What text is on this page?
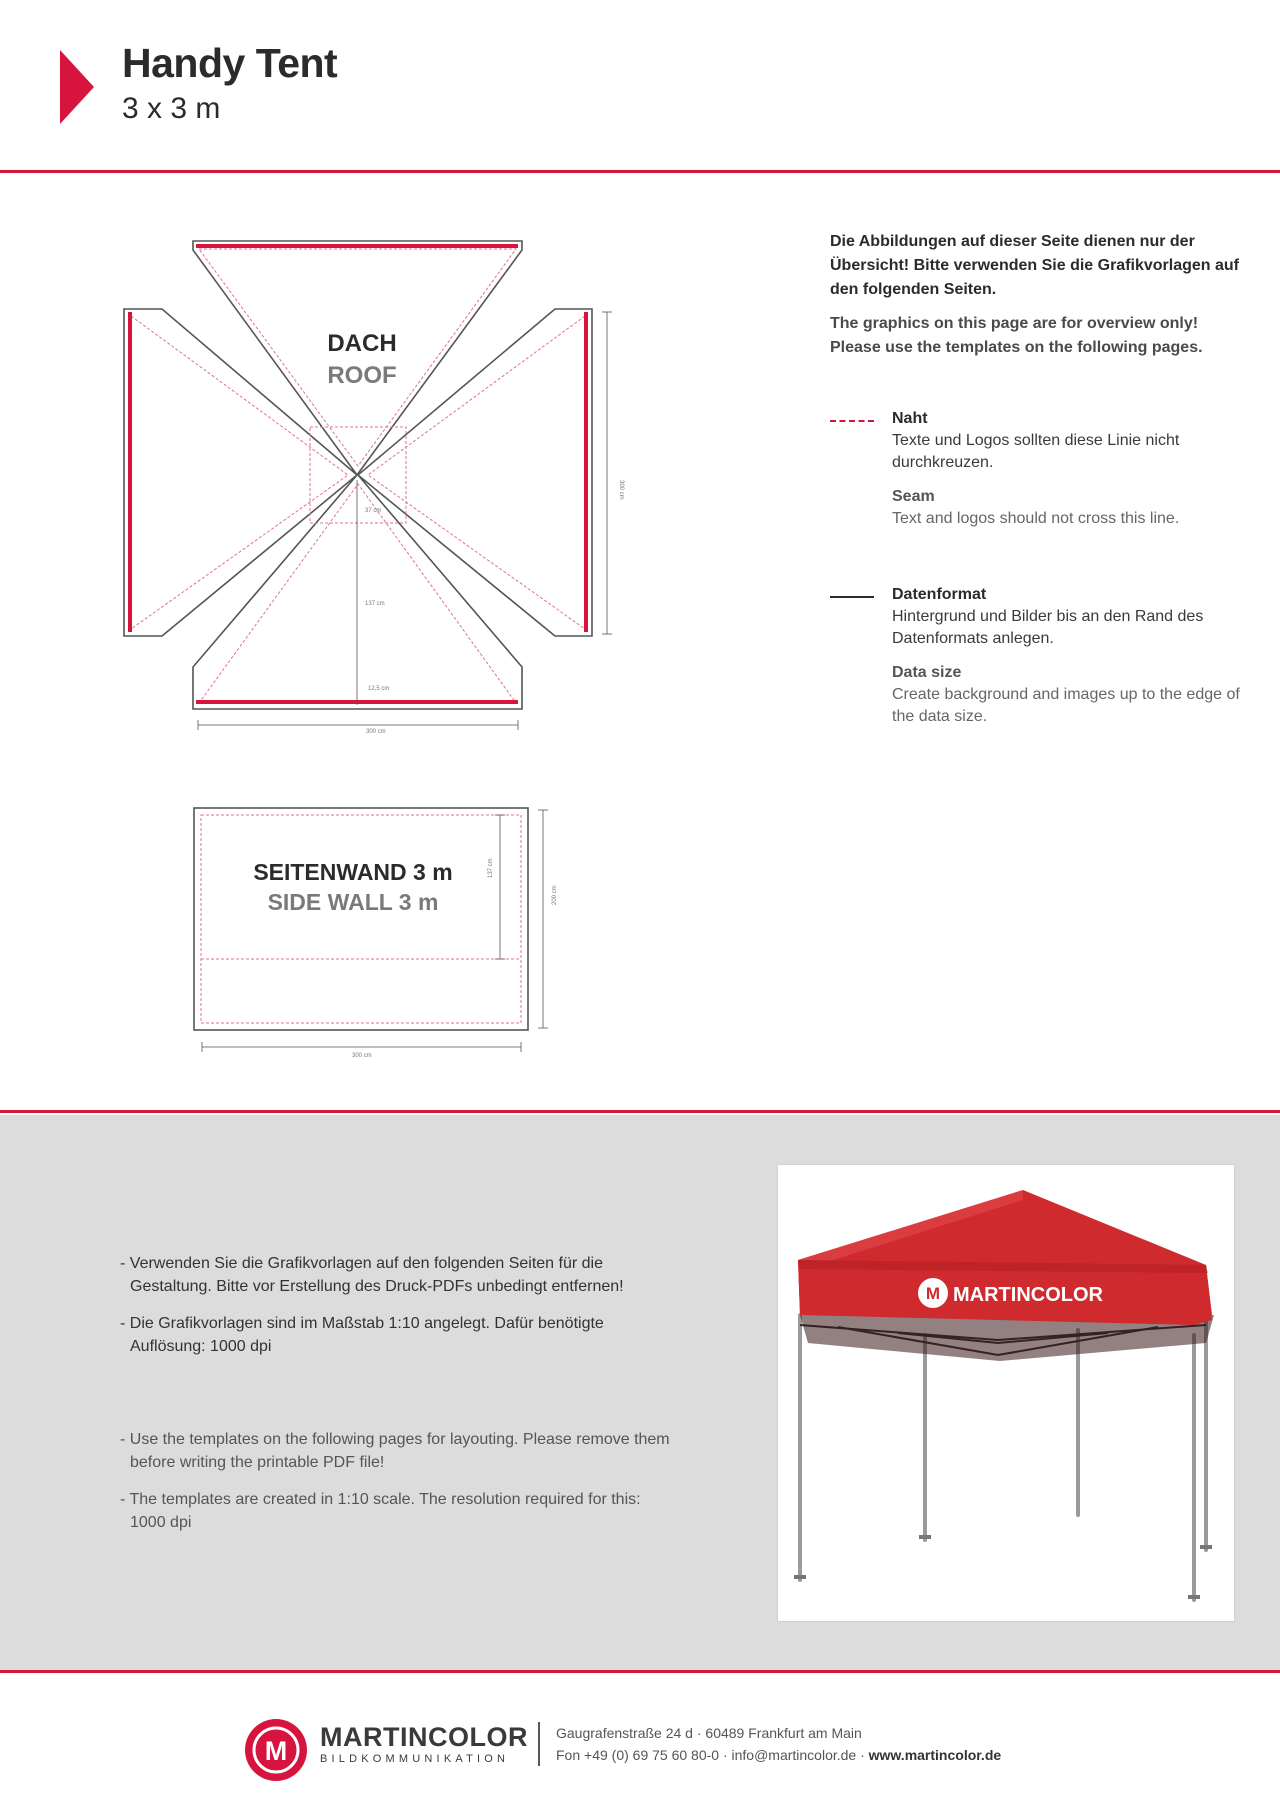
Handy Tent
3 x 3 m
DACH
ROOF
37 cm
137 cm
12,5 cm
300 cm
300 cm
SEITENWAND 3 m
SIDE WALL 3 m
137 cm
200 cm
300 cm

Die Abbildungen auf dieser Seite dienen nur der Übersicht! Bitte verwenden Sie die Grafikvorlagen auf den folgenden Seiten.

The graphics on this page are for overview only! Please use the templates on the following pages.

Naht
Texte und Logos sollten diese Linie nicht durchkreuzen.
Seam
Text and logos should not cross this line.
Datenformat
Hintergrund und Bilder bis an den Rand des Datenformats anlegen.
Data size
Create background and images up to the edge of the data size.
- Verwenden Sie die Grafikvorlagen auf den folgenden Seiten für die Gestaltung. Bitte vor Erstellung des Druck-PDFs unbedingt entfernen!
- Die Grafikvorlagen sind im Maßstab 1:10 angelegt. Dafür benötigte Auflösung: 1000 dpi
- Use the templates on the following pages for layouting. Please remove them before writing the printable PDF file!
- The templates are created in 1:10 scale. The resolution required for this: 1000 dpi
M MARTINCOLOR
M MARTINCOLOR
BILDKOMMUNIKATION
Gaugrafenstraße 24 d · 60489 Frankfurt am Main
Fon +49 (0) 69 75 60 80-0 · info@martincolor.de · www.martincolor.de
